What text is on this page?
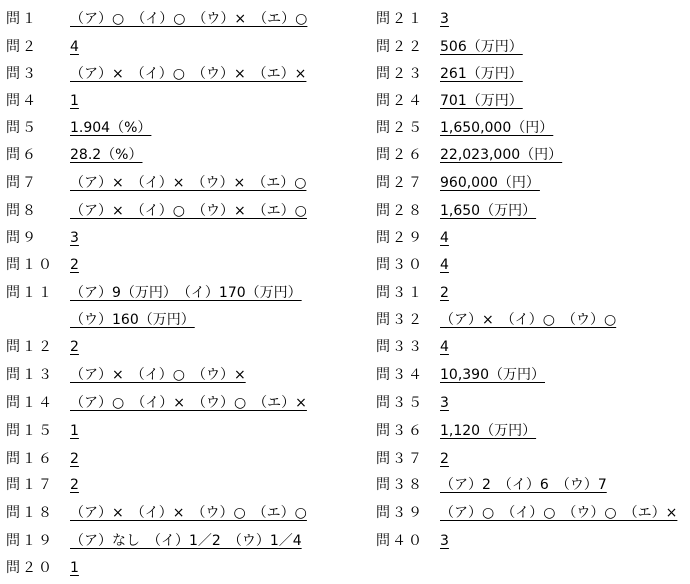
問１ （ア）○　（イ）○　（ウ）×　（エ）○
問２ 4
問３ （ア）×　（イ）○　（ウ）×　（エ）×
問４ 1
問５ 1.904（%）
問６ 28.2（%）
問７ （ア）×　（イ）×　（ウ）×　（エ）○
問８ （ア）×　（イ）○　（ウ）×　（エ）○
問９ 3
問１０ 2
問１１ （ア）9（万円）　（イ）170（万円）
（ウ）160（万円）
問１２ 2
問１３ （ア）×　（イ）○　（ウ）×
問１４ （ア）○　（イ）×　（ウ）○　（エ）×
問１５ 1
問１６ 2
問１７ 2
問１８ （ア）×　（イ）×　（ウ）○　（エ）○
問１９ （ア）なし　（イ）1／2　（ウ）1／4
問２０ 1
問２１ 3
問２２ 506（万円）
問２３ 261（万円）
問２４ 701（万円）
問２５ 1,650,000（円）
問２６ 22,023,000（円）
問２７ 960,000（円）
問２８ 1,650（万円）
問２９ 4
問３０ 4
問３１ 2
問３２ （ア）×　（イ）○　（ウ）○
問３３ 4
問３４ 10,390（万円）
問３５ 3
問３６ 1,120（万円）
問３７ 2
問３８ （ア）2　（イ）6　（ウ）7
問３９ （ア）○　（イ）○　（ウ）○　（エ）×
問４０ 3
